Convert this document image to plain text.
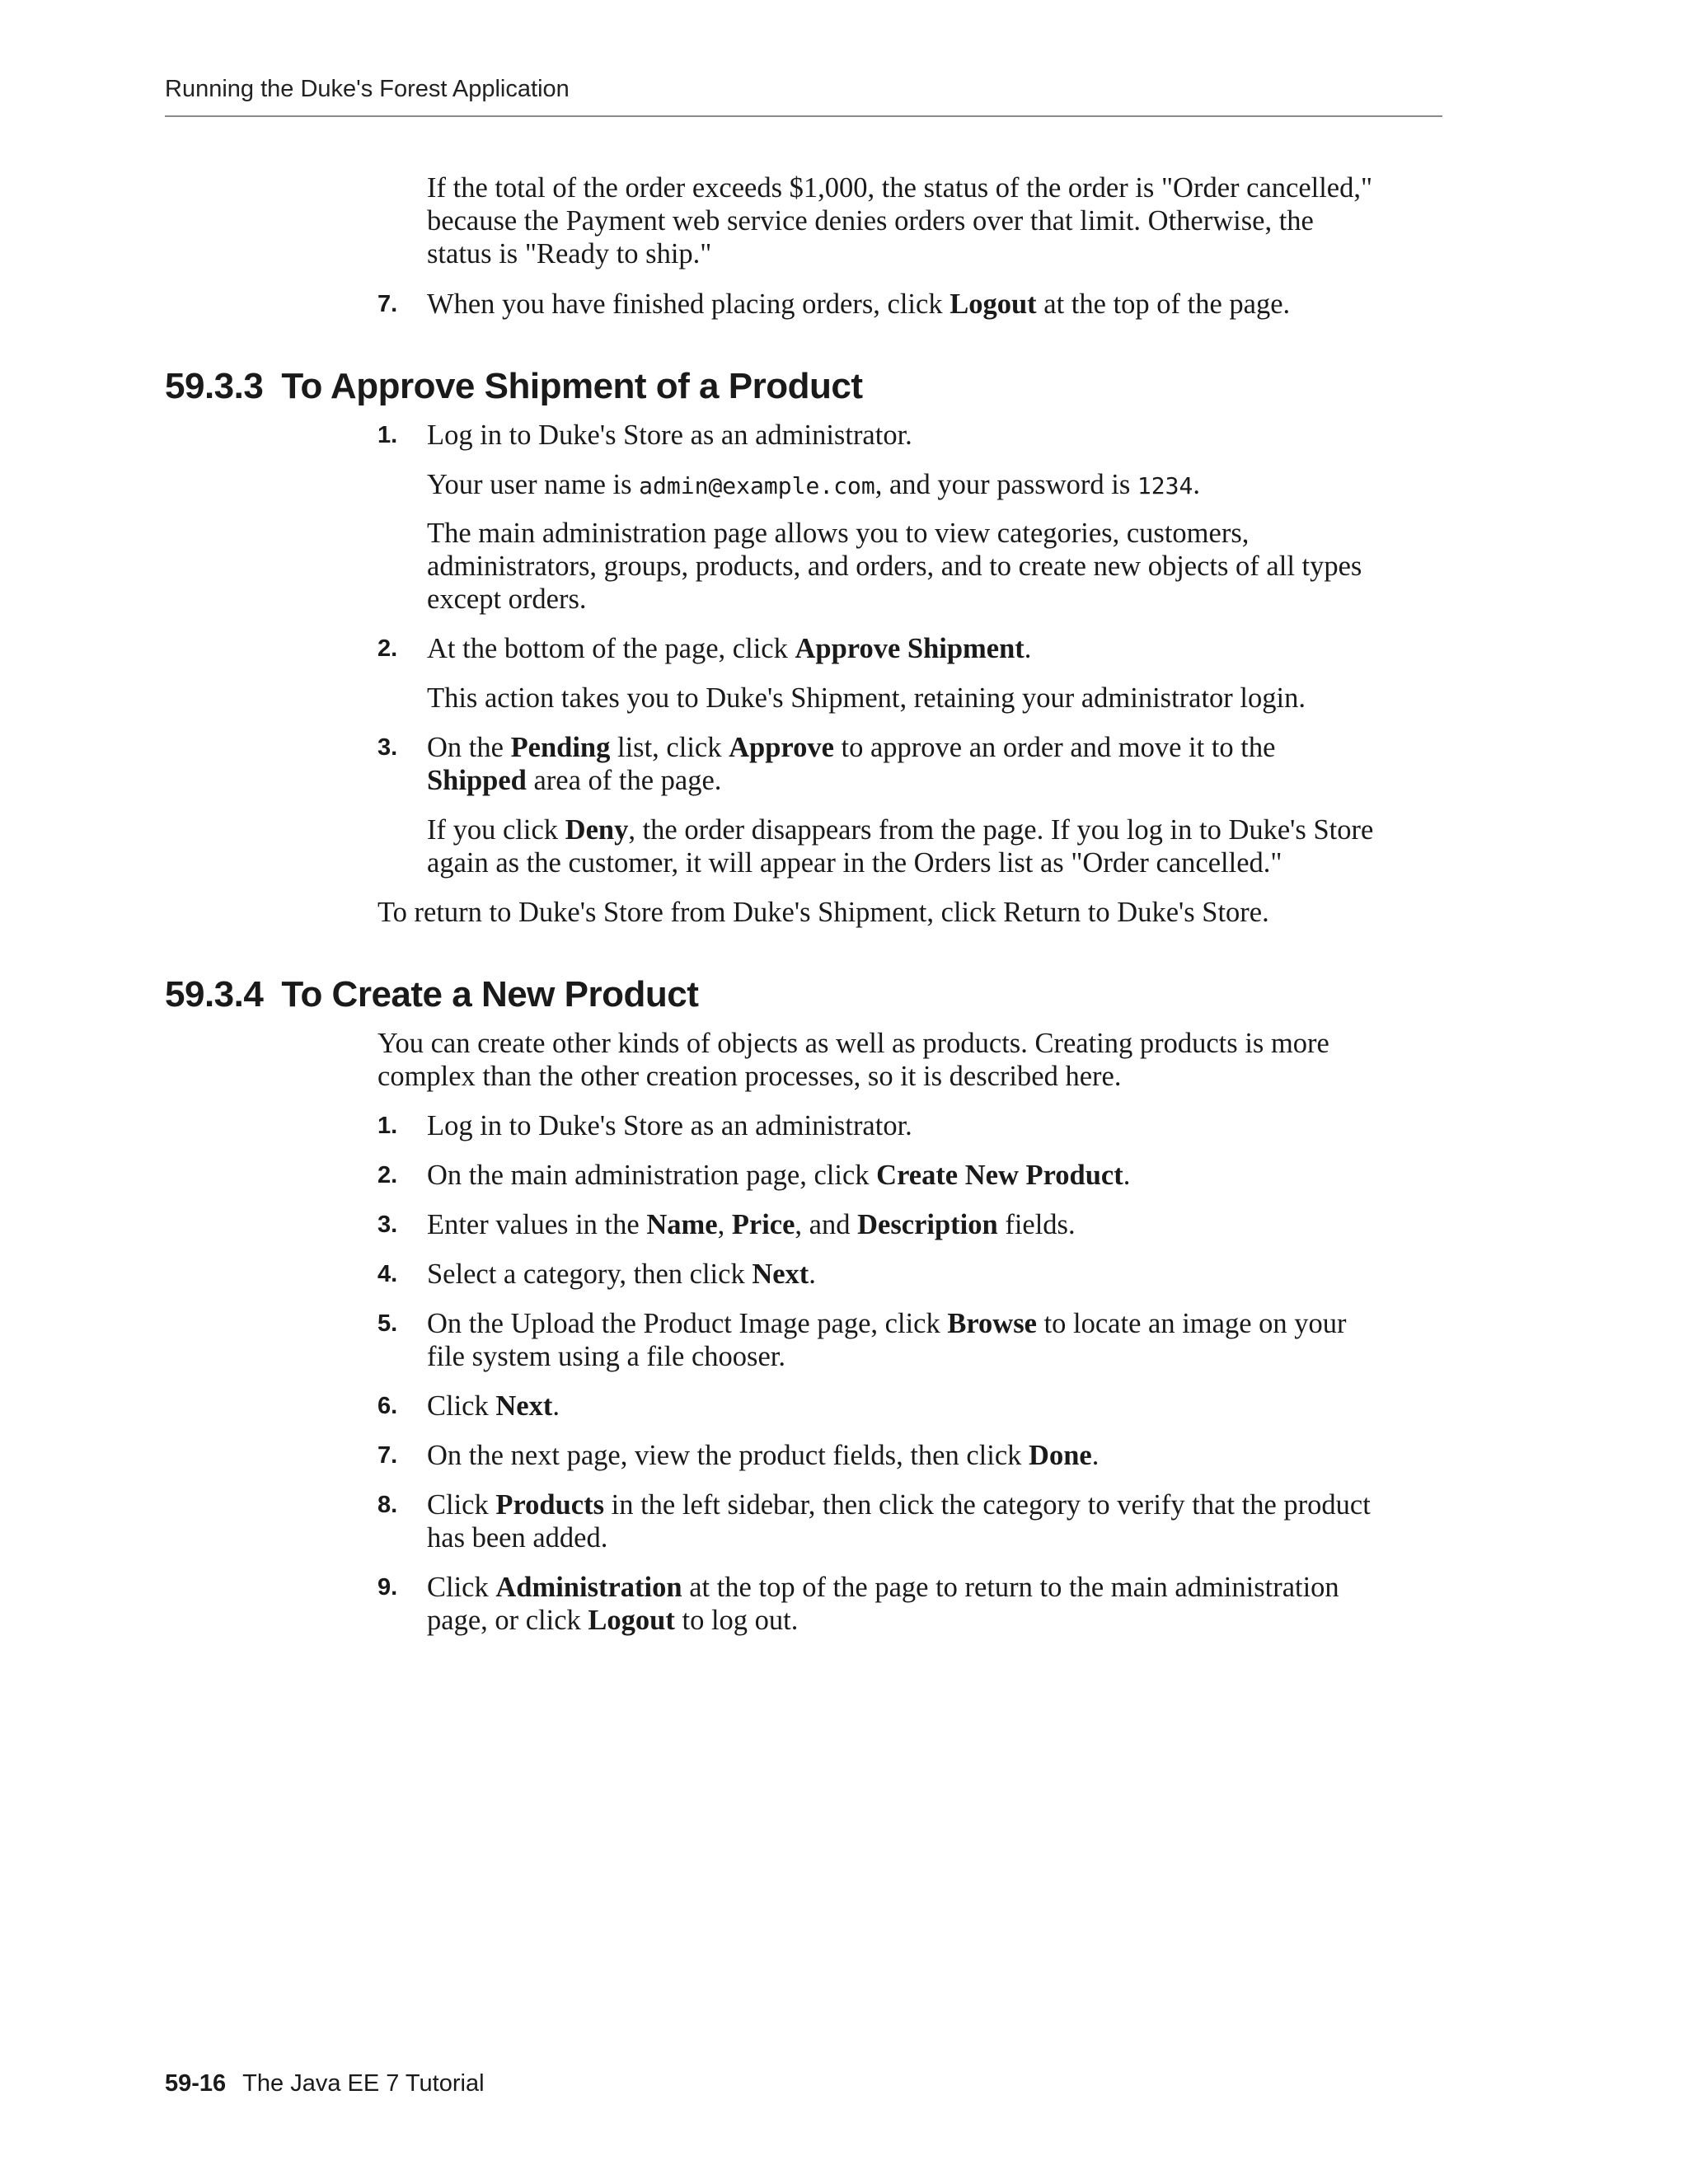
Running the Duke's Forest Application
If the total of the order exceeds $1,000, the status of the order is "Order cancelled,"
because the Payment web service denies orders over that limit. Otherwise, the
status is "Ready to ship."
7. When you have finished placing orders, click Logout at the top of the page.
59.3.3 To Approve Shipment of a Product
1. Log in to Duke's Store as an administrator.
Your user name is admin@example.com, and your password is 1234.
The main administration page allows you to view categories, customers,
administrators, groups, products, and orders, and to create new objects of all types
except orders.
2. At the bottom of the page, click Approve Shipment.
This action takes you to Duke's Shipment, retaining your administrator login.
3. On the Pending list, click Approve to approve an order and move it to the
Shipped area of the page.
If you click Deny, the order disappears from the page. If you log in to Duke's Store
again as the customer, it will appear in the Orders list as "Order cancelled."
To return to Duke's Store from Duke's Shipment, click Return to Duke's Store.
59.3.4 To Create a New Product
You can create other kinds of objects as well as products. Creating products is more
complex than the other creation processes, so it is described here.
1. Log in to Duke's Store as an administrator.
2. On the main administration page, click Create New Product.
3. Enter values in the Name, Price, and Description fields.
4. Select a category, then click Next.
5. On the Upload the Product Image page, click Browse to locate an image on your
file system using a file chooser.
6. Click Next.
7. On the next page, view the product fields, then click Done.
8. Click Products in the left sidebar, then click the category to verify that the product
has been added.
9. Click Administration at the top of the page to return to the main administration
page, or click Logout to log out.
59-16 The Java EE 7 Tutorial
